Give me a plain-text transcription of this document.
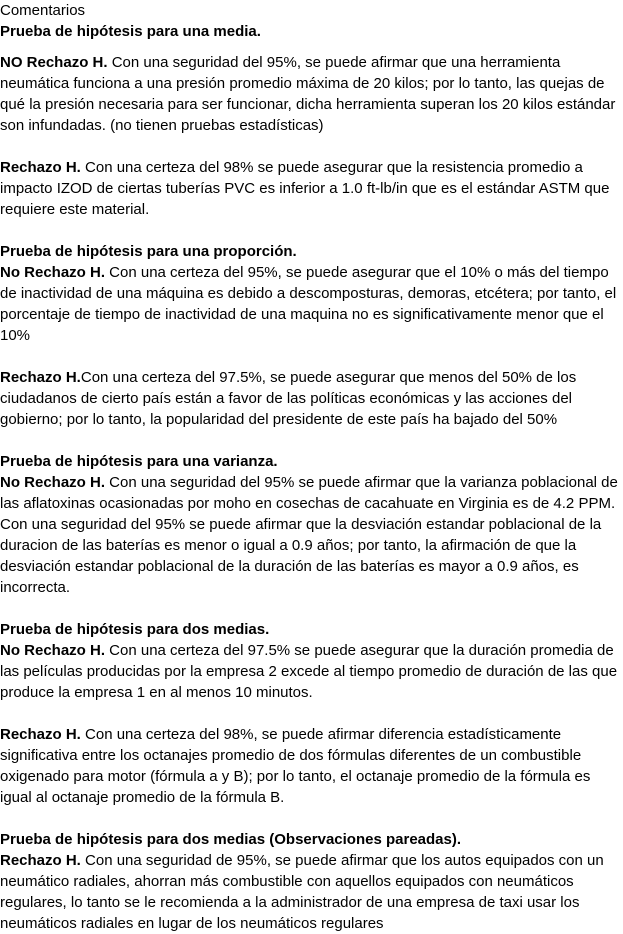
Comentarios

Prueba de hipótesis para una media.

NO Rechazo H. Con una seguridad del 95%, se puede afirmar que una herramienta neumática funciona a una presión promedio máxima de 20 kilos; por lo tanto, las quejas de qué la presión necesaria para ser funcionar, dicha herramienta superan los 20 kilos estándar son infundadas. (no tienen pruebas estadísticas)

Rechazo H. Con una certeza del 98% se puede asegurar que la resistencia promedio a impacto IZOD de ciertas tuberías PVC es inferior a 1.0 ft-lb/in que es el estándar ASTM que requiere este material.

Prueba de hipótesis para una proporción.

No Rechazo H. Con una certeza del 95%, se puede asegurar que el 10% o más del tiempo de inactividad de una máquina es debido a descomposturas, demoras, etcétera; por tanto, el porcentaje de tiempo de inactividad de una maquina no es significativamente menor que el 10%

Rechazo H.Con una certeza del 97.5%, se puede asegurar que menos del 50% de los ciudadanos de cierto país están a favor de las políticas económicas y las acciones del gobierno; por lo tanto, la popularidad del presidente de este país ha bajado del 50%

Prueba de hipótesis para una varianza.

No Rechazo H. Con una seguridad del 95% se puede afirmar que la varianza poblacional de las aflatoxinas ocasionadas por moho en cosechas de cacahuate en Virginia es de 4.2 PPM.

Con una seguridad del 95% se puede afirmar que la desviación estandar poblacional de la duracion de las baterías es menor o igual a 0.9 años; por tanto, la afirmación de que la desviación estandar poblacional de la duración de las baterías es mayor a 0.9 años, es incorrecta.

Prueba de hipótesis para dos medias.

No Rechazo H. Con una certeza del 97.5% se puede asegurar que la duración promedia de las películas producidas por la empresa 2 excede al tiempo promedio de duración de las que produce la empresa 1 en al menos 10 minutos.

Rechazo H. Con una certeza del 98%, se puede afirmar diferencia estadísticamente significativa entre los octanajes promedio de dos fórmulas diferentes de un combustible oxigenado para motor (fórmula a y B); por lo tanto, el octanaje promedio de la fórmula es igual al octanaje promedio de la fórmula B.

Prueba de hipótesis para dos medias (Observaciones pareadas).

Rechazo H. Con una seguridad de 95%, se puede afirmar que los autos equipados con un neumático radiales, ahorran más combustible con aquellos equipados con neumáticos regulares, lo tanto se le recomienda a la administrador de una empresa de taxi usar los neumáticos radiales en lugar de los neumáticos regulares
